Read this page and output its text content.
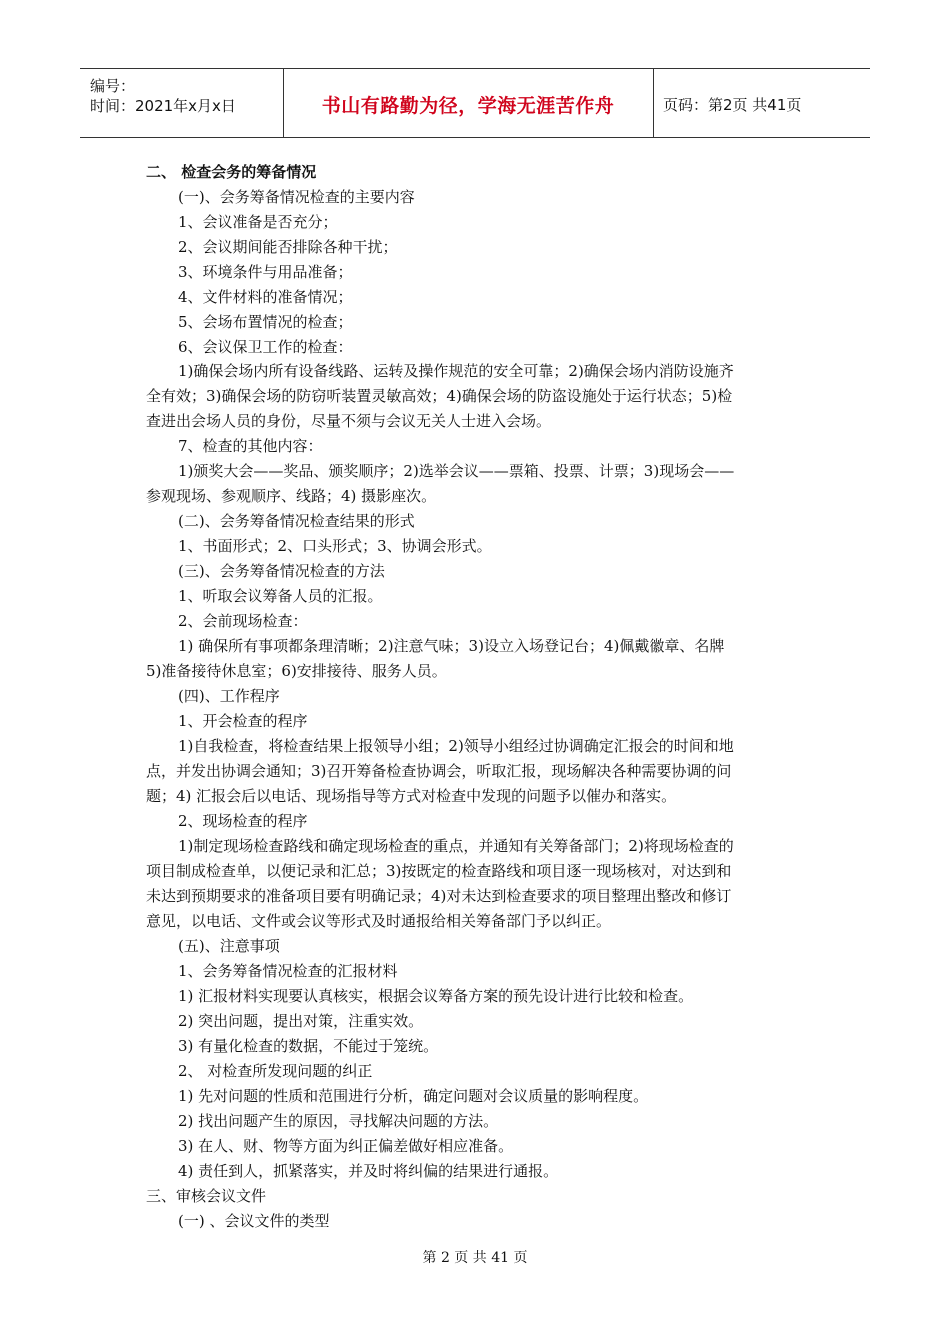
编号：
时间：2021年x月x日	书山有路勤为径，学海无涯苦作舟	页码：第2页 共41页
二、 检查会务的筹备情况
(一)、会务筹备情况检查的主要内容
1、会议准备是否充分；
2、会议期间能否排除各种干扰；
3、环境条件与用品准备；
4、文件材料的准备情况；
5、会场布置情况的检查；
6、会议保卫工作的检查：
1)确保会场内所有设备线路、运转及操作规范的安全可靠；2)确保会场内消防设施齐
全有效；3)确保会场的防窃听装置灵敏高效；4)确保会场的防盗设施处于运行状态；5)检
查进出会场人员的身份，尽量不须与会议无关人士进入会场。
7、检查的其他内容：
1)颁奖大会——奖品、颁奖顺序；2)选举会议——票箱、投票、计票；3)现场会——
参观现场、参观顺序、线路；4) 摄影座次。
(二)、会务筹备情况检查结果的形式
1、书面形式；2、口头形式；3、协调会形式。
(三)、会务筹备情况检查的方法
1、听取会议筹备人员的汇报。
2、会前现场检查：
1) 确保所有事项都条理清晰；2)注意气味；3)设立入场登记台；4)佩戴徽章、名牌
5)准备接待休息室；6)安排接待、服务人员。
(四)、工作程序
1、开会检查的程序
1)自我检查，将检查结果上报领导小组；2)领导小组经过协调确定汇报会的时间和地
点，并发出协调会通知；3)召开筹备检查协调会，听取汇报，现场解决各种需要协调的问
题；4) 汇报会后以电话、现场指导等方式对检查中发现的问题予以催办和落实。
2、现场检查的程序
1)制定现场检查路线和确定现场检查的重点，并通知有关筹备部门；2)将现场检查的
项目制成检查单，以便记录和汇总；3)按既定的检查路线和项目逐一现场核对，对达到和
未达到预期要求的准备项目要有明确记录；4)对未达到检查要求的项目整理出整改和修订
意见，以电话、文件或会议等形式及时通报给相关筹备部门予以纠正。
(五)、注意事项
1、会务筹备情况检查的汇报材料
1) 汇报材料实现要认真核实，根据会议筹备方案的预先设计进行比较和检查。
2) 突出问题，提出对策，注重实效。
3) 有量化检查的数据，不能过于笼统。
2、 对检查所发现问题的纠正
1) 先对问题的性质和范围进行分析，确定问题对会议质量的影响程度。
2) 找出问题产生的原因，寻找解决问题的方法。
3) 在人、财、物等方面为纠正偏差做好相应准备。
4) 责任到人，抓紧落实，并及时将纠偏的结果进行通报。
三、审核会议文件
(一) 、会议文件的类型
第 2 页 共 41 页
